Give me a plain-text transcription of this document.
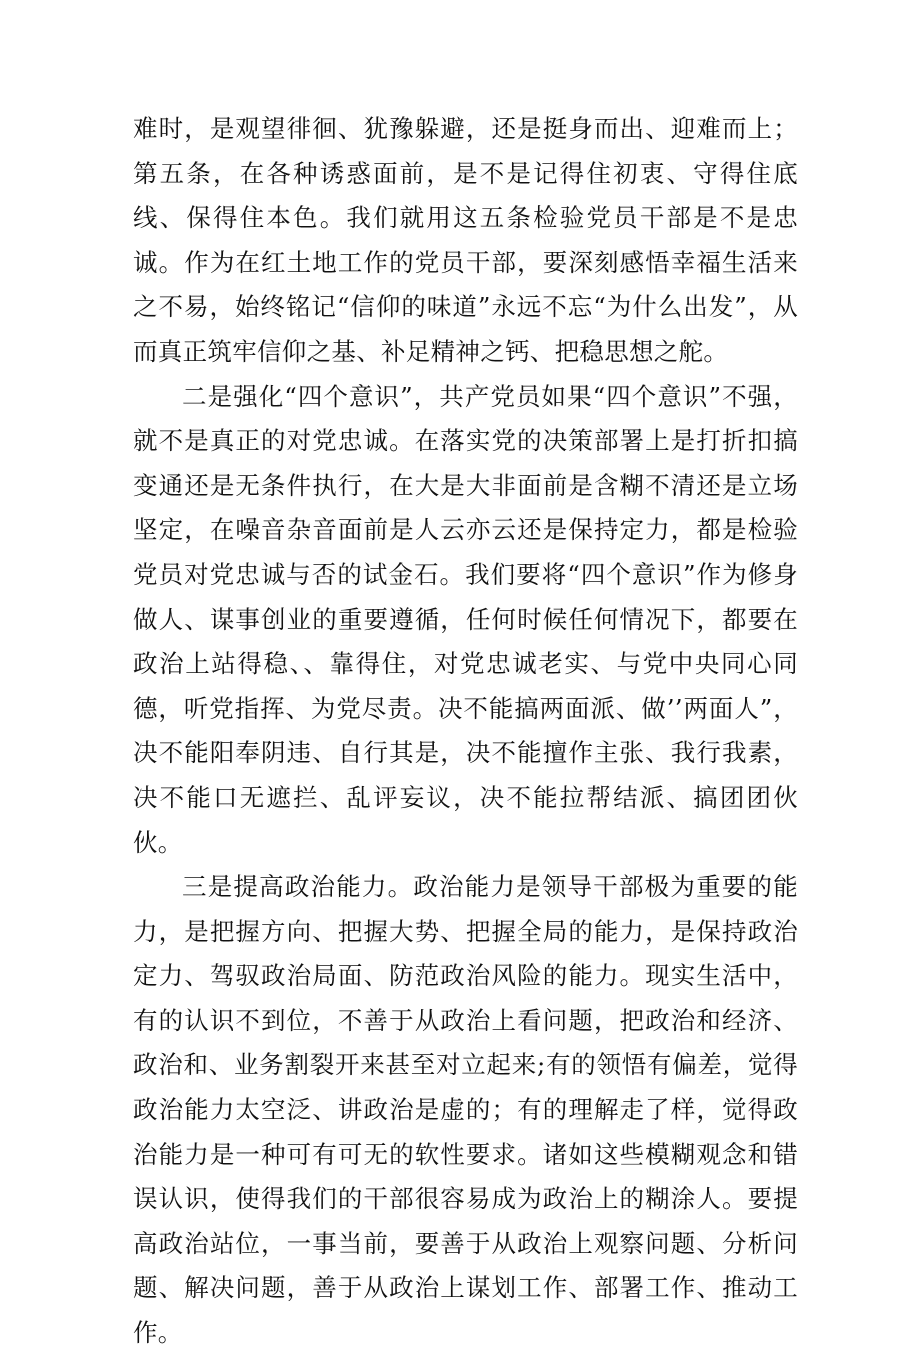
难时，是观望徘徊、犹豫躲避，还是挺身而出、迎难而上；第五条，在各种诱惑面前，是不是记得住初衷、守得住底线、保得住本色。我们就用这五条检验党员干部是不是忠诚。作为在红土地工作的党员干部，要深刻感悟幸福生活来之不易，始终铭记“信仰的味道”永远不忘“为什么出发”，从而真正筑牢信仰之基、补足精神之钙、把稳思想之舵。

二是强化“四个意识”，共产党员如果“四个意识”不强，就不是真正的对党忠诚。在落实党的决策部署上是打折扣搞变通还是无条件执行，在大是大非面前是含糊不清还是立场坚定，在噪音杂音面前是人云亦云还是保持定力，都是检验党员对党忠诚与否的试金石。我们要将“四个意识”作为修身做人、谋事创业的重要遵循，任何时候任何情况下，都要在政治上站得稳、、靠得住，对党忠诚老实、与党中央同心同德，听党指挥、为党尽责。决不能搞两面派、做’’两面人”，决不能阳奉阴违、自行其是，决不能擅作主张、我行我素，决不能口无遮拦、乱评妄议，决不能拉帮结派、搞团团伙伙。

三是提高政治能力。政治能力是领导干部极为重要的能力，是把握方向、把握大势、把握全局的能力，是保持政治定力、驾驭政治局面、防范政治风险的能力。现实生活中，有的认识不到位，不善于从政治上看问题，把政治和经济、政治和、业务割裂开来甚至对立起来;有的领悟有偏差，觉得政治能力太空泛、讲政治是虚的；有的理解走了样，觉得政治能力是一种可有可无的软性要求。诸如这些模糊观念和错误认识，使得我们的干部很容易成为政治上的糊涂人。要提高政治站位，一事当前，要善于从政治上观察问题、分析问题、解决问题，善于从政治上谋划工作、部署工作、推动工作。
